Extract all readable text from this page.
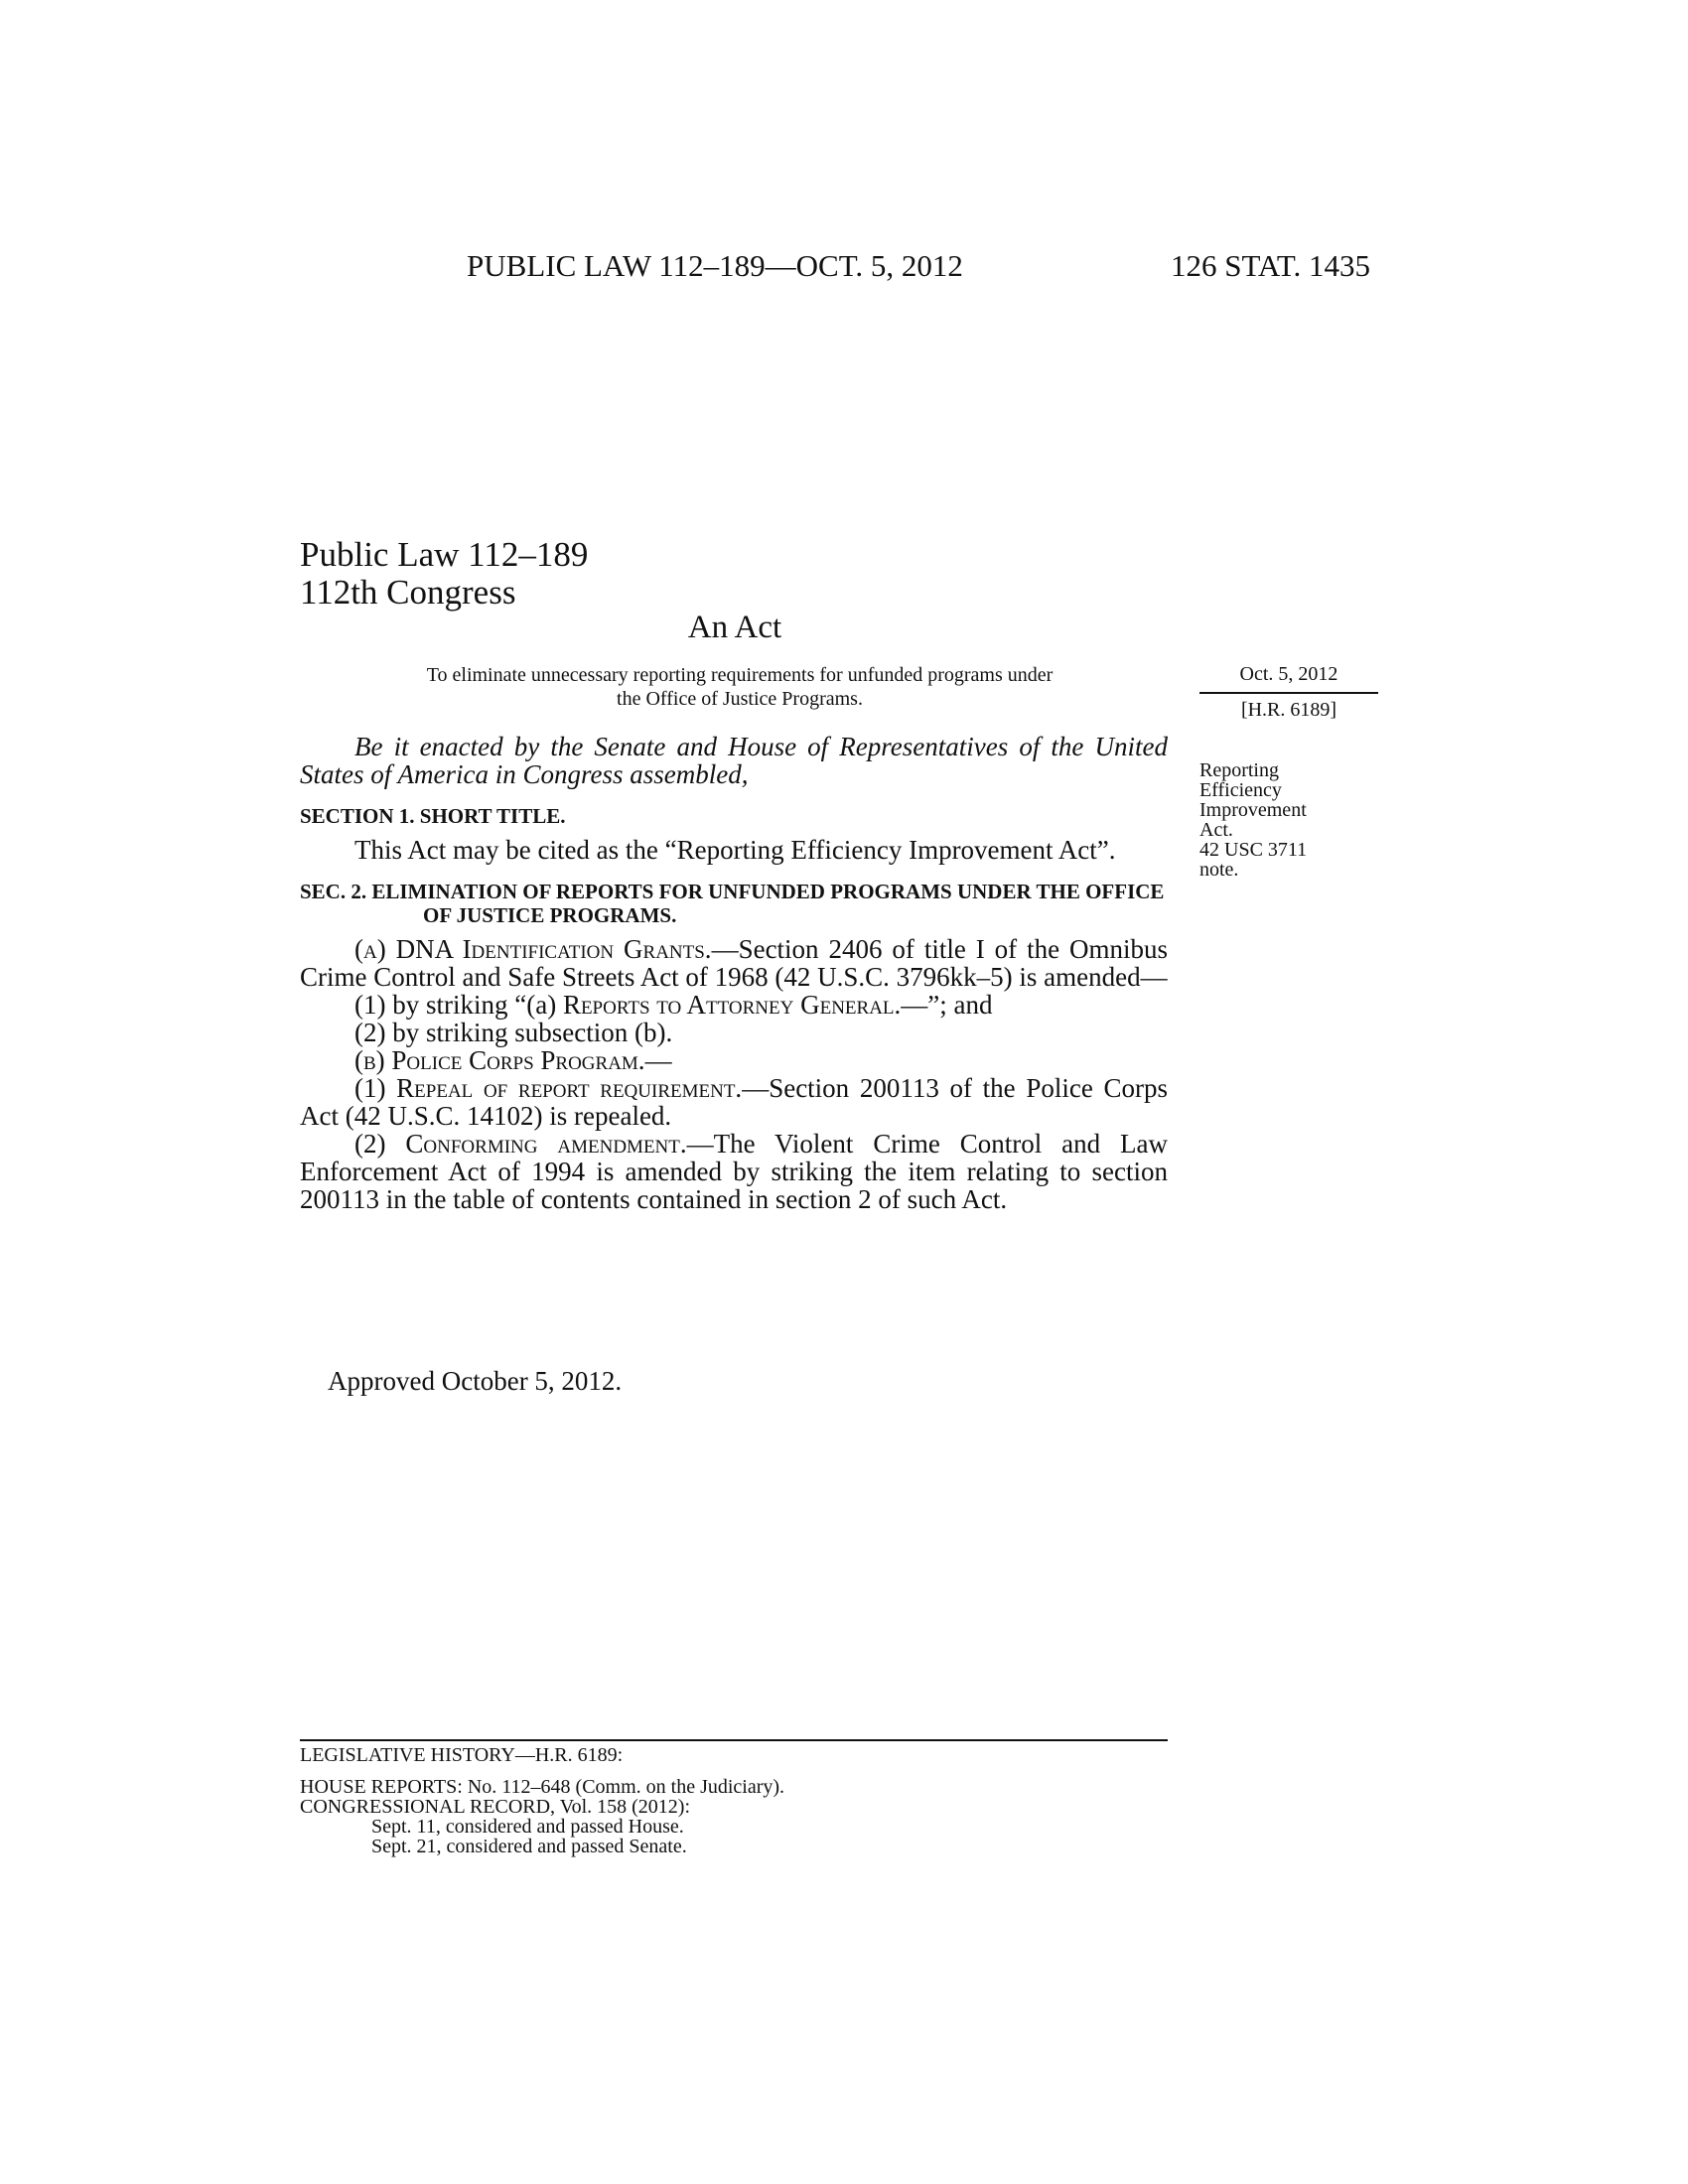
PUBLIC LAW 112–189—OCT. 5, 2012	126 STAT. 1435
Public Law 112–189
112th Congress
An Act
To eliminate unnecessary reporting requirements for unfunded programs under
the Office of Justice Programs.
Oct. 5, 2012
[H.R. 6189]
Reporting
Efficiency
Improvement
Act.
42 USC 3711
note.

Be it enacted by the Senate and House of Representatives of the United States of America in Congress assembled,

SECTION 1. SHORT TITLE.

This Act may be cited as the “Reporting Efficiency Improvement Act”.

SEC. 2. ELIMINATION OF REPORTS FOR UNFUNDED PROGRAMS UNDER THE OFFICE OF JUSTICE PROGRAMS.

(a) DNA Identification Grants.—Section 2406 of title I of the Omnibus Crime Control and Safe Streets Act of 1968 (42 U.S.C. 3796kk–5) is amended—

(1) by striking “(a) Reports to Attorney General.—”; and

(2) by striking subsection (b).

(b) Police Corps Program.—

(1) Repeal of report requirement.—Section 200113 of the Police Corps Act (42 U.S.C. 14102) is repealed.

(2) Conforming amendment.—The Violent Crime Control and Law Enforcement Act of 1994 is amended by striking the item relating to section 200113 in the table of contents contained in section 2 of such Act.

Approved October 5, 2012.

LEGISLATIVE HISTORY—H.R. 6189:

HOUSE REPORTS: No. 112–648 (Comm. on the Judiciary).

CONGRESSIONAL RECORD, Vol. 158 (2012):

Sept. 11, considered and passed House.

Sept. 21, considered and passed Senate.
